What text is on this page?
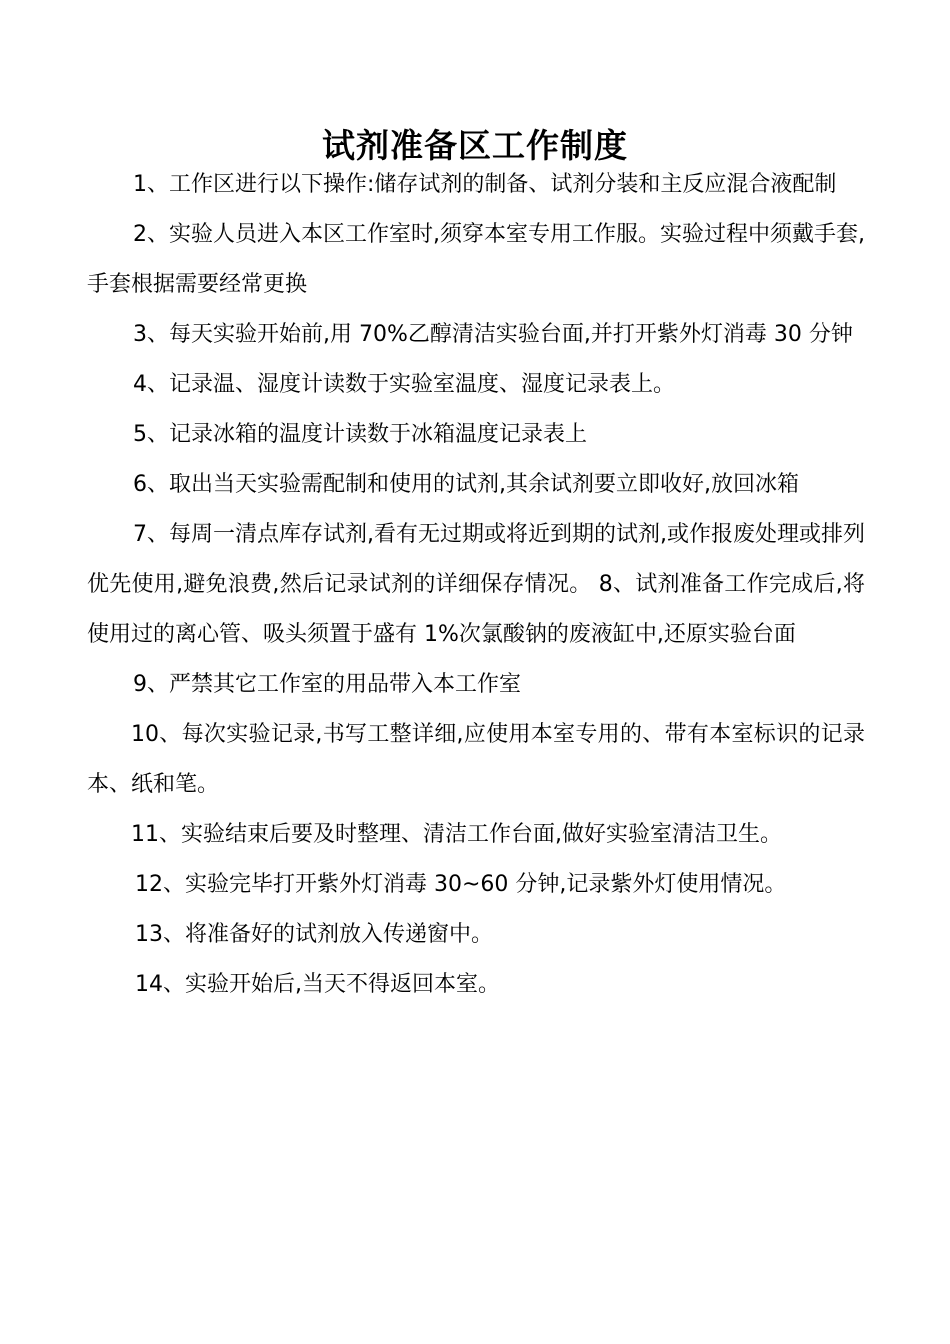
试剂准备区工作制度

1、工作区进行以下操作:储存试剂的制备、试剂分装和主反应混合液配制

2、实验人员进入本区工作室时,须穿本室专用工作服。实验过程中须戴手套,手套根据需要经常更换

3、每天实验开始前,用 70%乙醇清洁实验台面,并打开紫外灯消毒 30 分钟

4、记录温、湿度计读数于实验室温度、湿度记录表上。

5、记录冰箱的温度计读数于冰箱温度记录表上

6、取出当天实验需配制和使用的试剂,其余试剂要立即收好,放回冰箱

7、每周一清点库存试剂,看有无过期或将近到期的试剂,或作报废处理或排列优先使用,避免浪费,然后记录试剂的详细保存情况。 8、试剂准备工作完成后,将使用过的离心管、吸头须置于盛有 1%次氯酸钠的废液缸中,还原实验台面

9、严禁其它工作室的用品带入本工作室

10、每次实验记录,书写工整详细,应使用本室专用的、带有本室标识的记录本、纸和笔。

11、实验结束后要及时整理、清洁工作台面,做好实验室清洁卫生。

12、实验完毕打开紫外灯消毒 30~60 分钟,记录紫外灯使用情况。

13、将准备好的试剂放入传递窗中。

14、实验开始后,当天不得返回本室。
